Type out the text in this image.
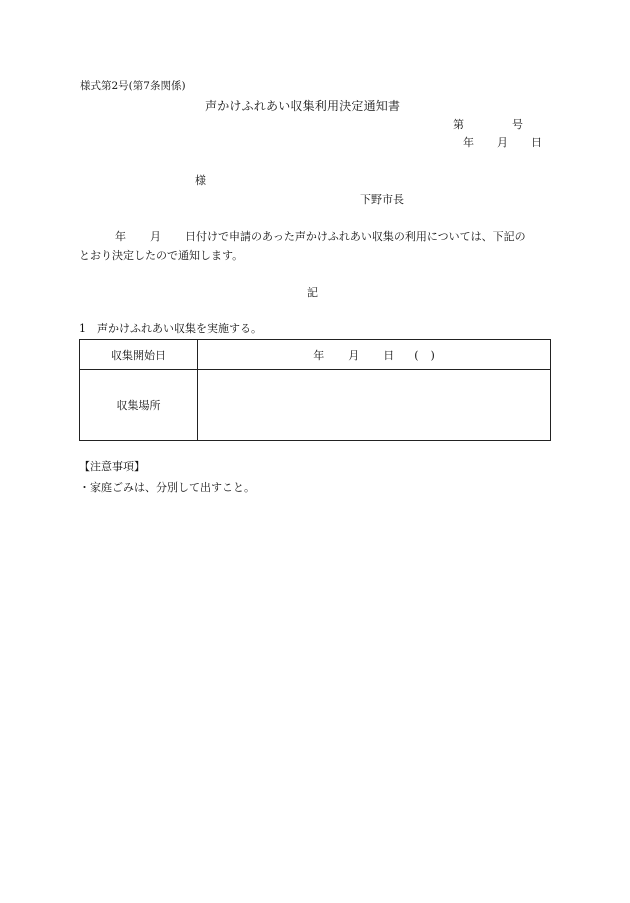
様式第2号(第7条関係)
声かけふれあい収集利用決定通知書
第	号
年 月 日
様
下野市長
年 月 日付けで申請のあった声かけふれあい収集の利用については、下記の
とおり決定したので通知します。
記
1 声かけふれあい収集を実施する。
収集開始日	年 月 日 ( )
収集場所	
【注意事項】
・家庭ごみは、分別して出すこと。
